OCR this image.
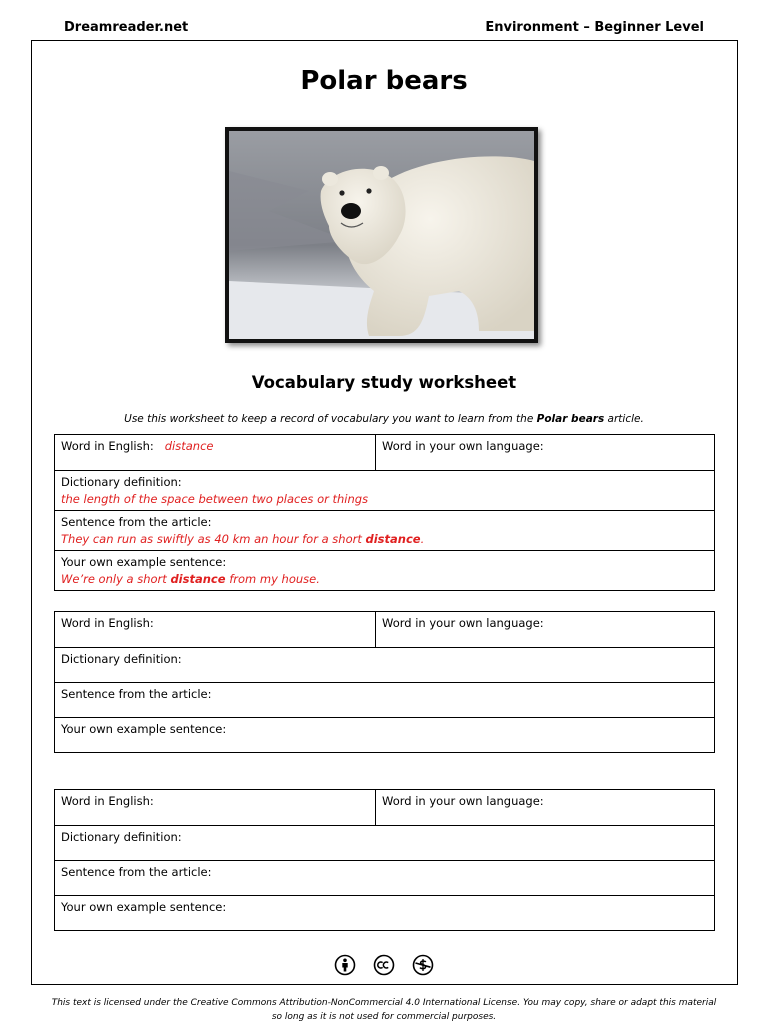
Dreamreader.net	Environment – Beginner Level
Polar bears
Vocabulary study worksheet
Use this worksheet to keep a record of vocabulary you want to learn from the Polar bears article.
Word in English: distance	Word in your own language:

Dictionary definition:
the length of the space between two places or things

Sentence from the article:
They can run as swiftly as 40 km an hour for a short distance.

Your own example sentence:
We’re only a short distance from my house.
Word in English:	Word in your own language:
Dictionary definition:
Sentence from the article:
Your own example sentence:
Word in English:	Word in your own language:
Dictionary definition:
Sentence from the article:
Your own example sentence:

This text is licensed under the Creative Commons Attribution-NonCommercial 4.0 International License. You may copy, share or adapt this material
so long as it is not used for commercial purposes.
